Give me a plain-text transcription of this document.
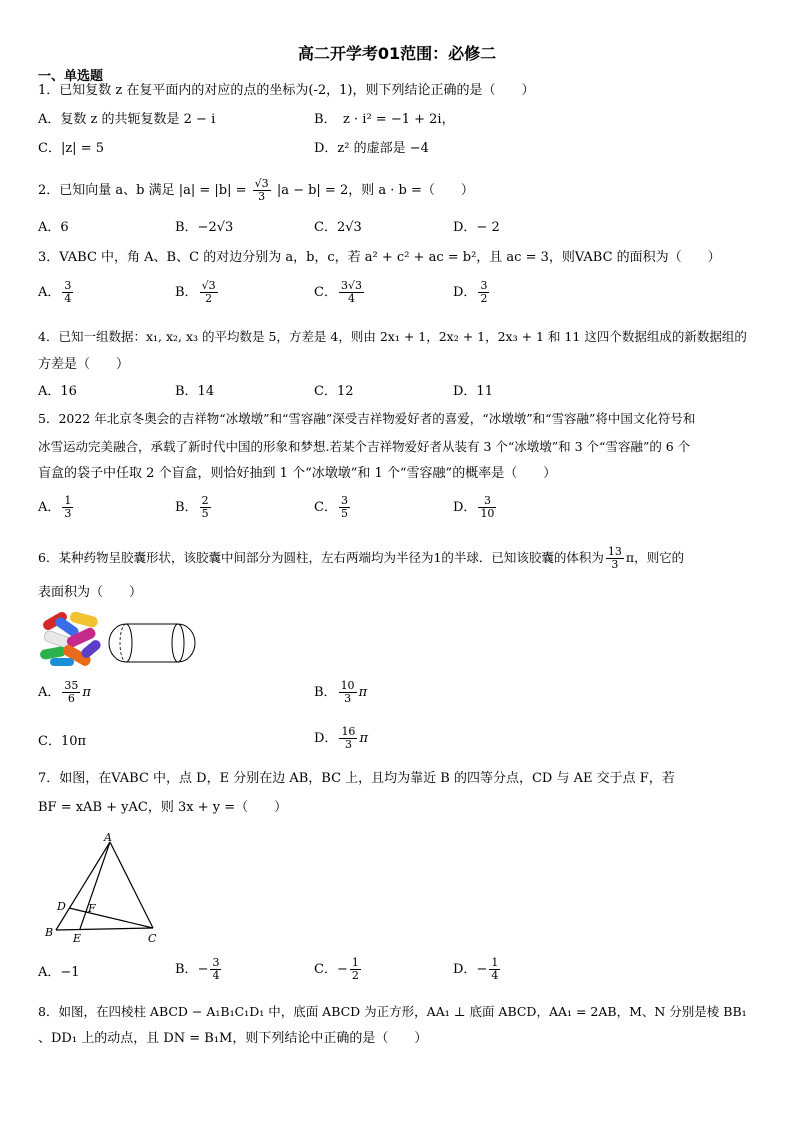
高二开学考01范围：必修二
一、单选题
1．已知复数 z 在复平面内的对应的点的坐标为(-2，1)，则下列结论正确的是（　　）
A．复数 z 的共轭复数是 2 − i	B．　z · i² = −1 + 2i，
C．|z| = 5	D．z² 的虚部是 −4
2．已知向量 a、b 满足 $|a| = |b| = \frac{√3}{3} |a - b| = 2$，则 a · b =（　　）
A．6	B．−2√3	C．2√3	D．− 2
3．VABC 中，角 A、B、C 的对边分别为 a，b，c，若 a² + c² + ac = b²，且 ac = 3，则VABC 的面积为（　　）
A． $\frac{3}{4}$	B． $\frac{√3}{2}$	C． $\frac{3√3}{4}$	D． $\frac{3}{2}$
4．已知一组数据：x₁, x₂, x₃ 的平均数是 5，方差是 4，则由 2x₁ + 1，2x₂ + 1，2x₃ + 1 和 11 这四个数据组成的新数据组的
方差是（　　）
A．16	B．14	C．12	D．11
5．2022 年北京冬奥会的吉祥物“冰墩墩”和“雪容融”深受吉祥物爱好者的喜爱，“冰墩墩”和“雪容融”将中国文化符号和
冰雪运动完美融合，承载了新时代中国的形象和梦想.若某个吉祥物爱好者从装有 3 个“冰墩墩”和 3 个“雪容融”的 6 个
盲盒的袋子中任取 2 个盲盒，则恰好抽到 1 个“冰墩墩”和 1 个“雪容融”的概率是（　　）
A． $\frac{1}{3}$	B． $\frac{2}{5}$	C． $\frac{3}{5}$	D． $\frac{3}{10}$
6．某种药物呈胶囊形状，该胶囊中间部分为圆柱，左右两端均为半径为1的半球．已知该胶囊的体积为 $\frac{13}{3}$ π，则它的
表面积为（　　）
A． $\frac{35}{6}$ π	B． $\frac{10}{3}$ π
C．10π	D． $\frac{16}{3}$ π
7．如图，在VABC 中，点 D，E 分别在边 AB，BC 上，且均为靠近 B 的四等分点，CD 与 AE 交于点 F，若
BF = xAB + yAC，则 3x + y =（　　）
A
B	C
D
E
F
A．−1	B．− $\frac{3}{4}$	C．− $\frac{1}{2}$	D．− $\frac{1}{4}$
8．如图，在四棱柱 ABCD − A₁B₁C₁D₁ 中，底面 ABCD 为正方形，AA₁ ⊥ 底面 ABCD，AA₁ = 2AB，M、N 分别是棱 BB₁
、DD₁ 上的动点，且 DN = B₁M，则下列结论中正确的是（　　）
